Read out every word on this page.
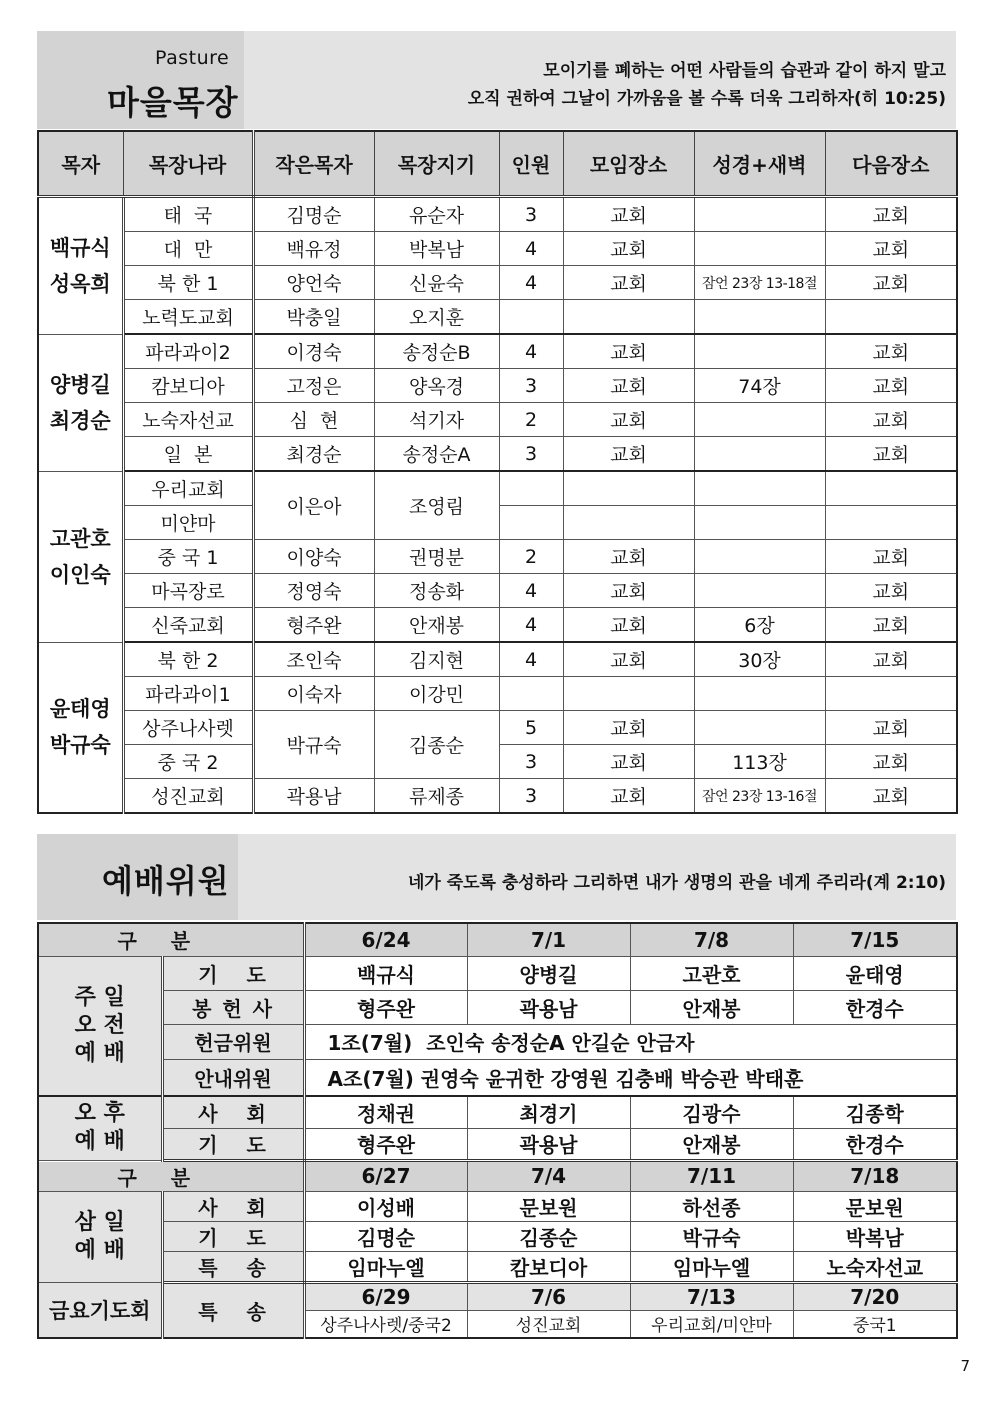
Pasture
마을목장
모이기를 폐하는 어떤 사람들의 습관과 같이 하지 말고
오직 권하여 그날이 가까움을 볼 수록 더욱 그리하자(히 10:25)
목자	목장나라	작은목자	목장지기	인원	모임장소	성경+새벽	다음장소
백규식
성옥희	태  국	김명순	유순자	3	교회		교회
	대  만	백유정	박복남	4	교회		교회
	북 한 1	양언숙	신윤숙	4	교회	잠언 23장 13-18절	교회
	노력도교회	박충일	오지훈				
양병길
최경순	파라과이2	이경숙	송정순B	4	교회		교회
	캄보디아	고정은	양옥경	3	교회	74장	교회
	노숙자선교	심  현	석기자	2	교회		교회
	일  본	최경순	송정순A	3	교회		교회
고관호
이인숙	우리교회	이은아	조영림				
	미얀마						
	중 국 1	이양숙	권명분	2	교회		교회
	마곡장로	정영숙	정송화	4	교회		교회
	신죽교회	형주완	안재봉	4	교회	6장	교회
윤태영
박규숙	북 한 2	조인숙	김지현	4	교회	30장	교회
	파라과이1	이숙자	이강민				
	상주나사렛	박규숙	김종순	5	교회		교회
	중 국 2			3	교회	113장	교회
	성진교회	곽용남	류제종	3	교회	잠언 23장 13-16절	교회
예배위원	네가 죽도록 충성하라 그리하면 내가 생명의 관을 네게 주리라(계 2:10)
구분		6/24	7/1	7/8	7/15
주 일
오 전
예 배	기   도	백규식	양병길	고관호	윤태영
	봉 헌 사	형주완	곽용남	안재봉	한경수
	헌금위원	1조(7월)  조인숙 송정순A 안길순 안금자			
	안내위원	A조(7월) 권영숙 윤귀한 강영원 김충배 박승관 박태훈			
오 후
예 배	사   회	정채권	최경기	김광수	김종학
	기   도	형주완	곽용남	안재봉	한경수
구분		6/27	7/4	7/11	7/18
삼 일
예 배	사   회	이성배	문보원	하선종	문보원
	기   도	김명순	김종순	박규숙	박복남
	특   송	임마누엘	캄보디아	임마누엘	노숙자선교
금요기도회	특   송	6/29	7/6	7/13	7/20
		상주나사렛/중국2	성진교회	우리교회/미얀마	중국1
7
